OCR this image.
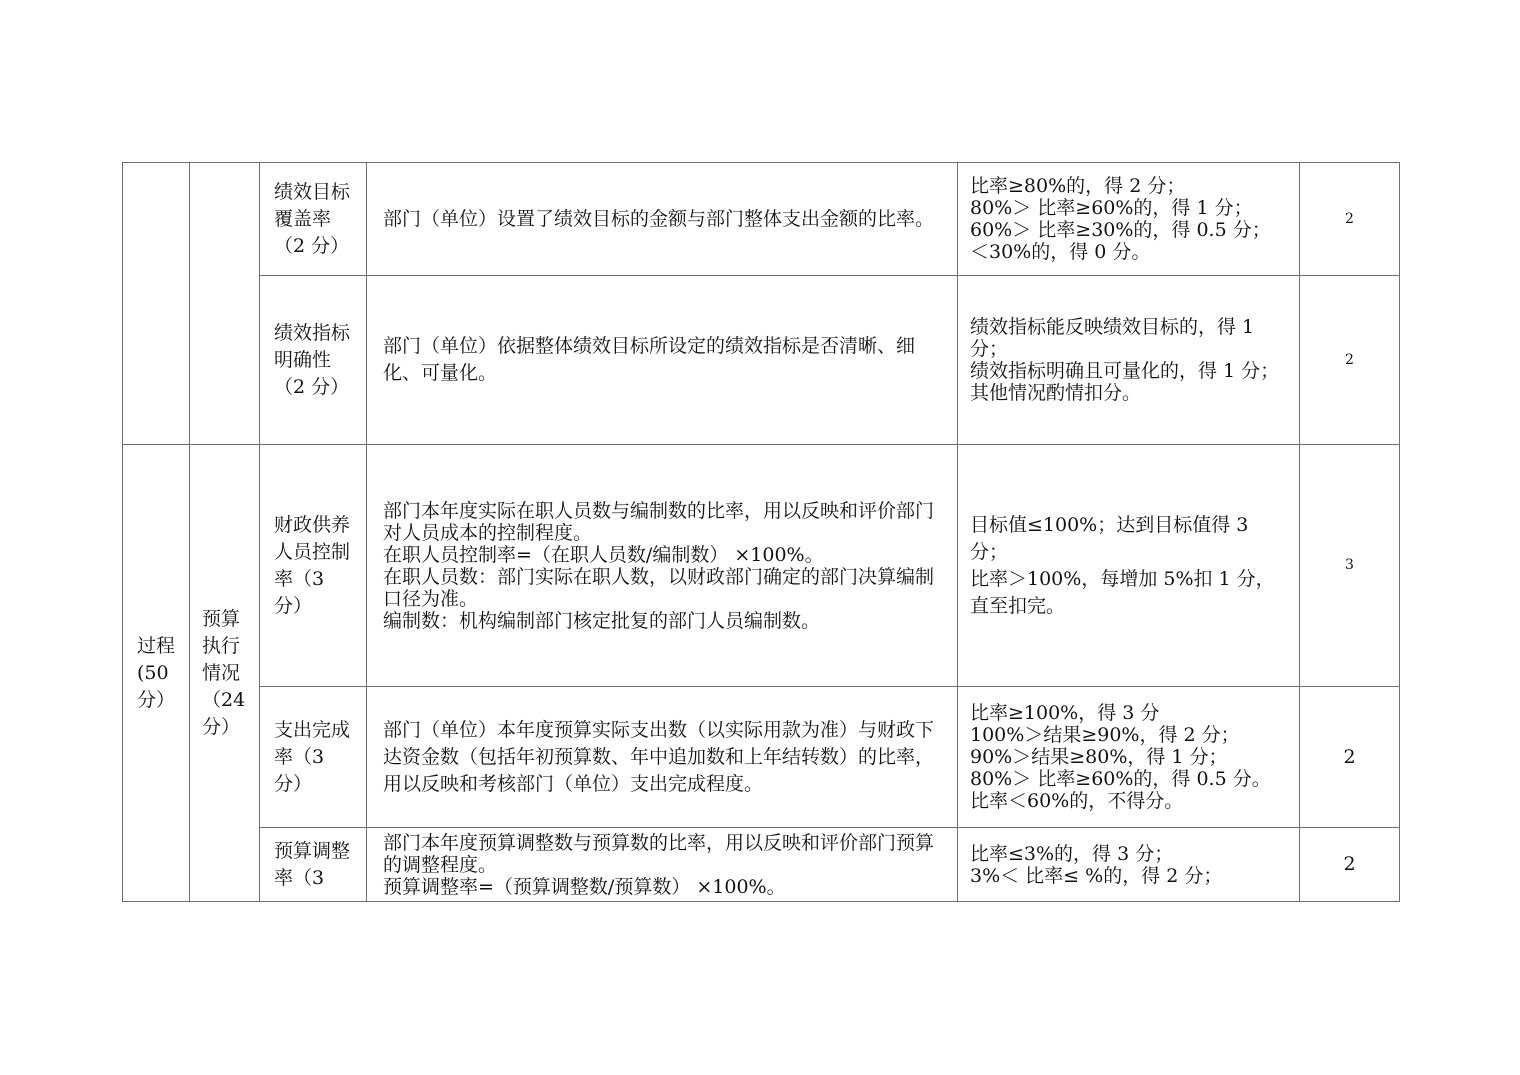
		绩效目标
覆盖率
（2 分）	部门（单位）设置了绩效目标的金额与部门整体支出金额的比率。	比率≥80%的，得 2 分；
80%＞ 比率≥60%的，得 1 分；
60%＞ 比率≥30%的，得 0.5 分；
＜30%的，得 0 分。	2
		绩效指标
明确性
（2 分）	部门（单位）依据整体绩效目标所设定的绩效指标是否清晰、细化、可量化。	绩效指标能反映绩效目标的，得 1 分；
绩效指标明确且可量化的，得 1 分；
其他情况酌情扣分。	2
过程
(50
分）	预算
执行
情况
（24
分）	财政供养
人员控制
率（3
分）	部门本年度实际在职人员数与编制数的比率，用以反映和评价部门对人员成本的控制程度。
在职人员控制率=（在职人员数/编制数） ×100%。
在职人员数：部门实际在职人数，以财政部门确定的部门决算编制口径为准。
编制数：机构编制部门核定批复的部门人员编制数。	目标值≤100%；达到目标值得 3 分；
比率＞100%，每增加 5%扣 1 分，直至扣完。	3
		支出完成
率（3
分）	部门（单位）本年度预算实际支出数（以实际用款为准）与财政下达资金数（包括年初预算数、年中追加数和上年结转数）的比率，用以反映和考核部门（单位）支出完成程度。	比率≥100%，得 3 分
100%＞结果≥90%，得 2 分；
90%＞结果≥80%，得 1 分；
80%＞ 比率≥60%的，得 0.5 分。
比率＜60%的，不得分。	2
		预算调整
率（3	部门本年度预算调整数与预算数的比率，用以反映和评价部门预算的调整程度。
预算调整率=（预算调整数/预算数） ×100%。	比率≤3%的，得 3 分；
3%＜ 比率≤ %的，得 2 分；	2
